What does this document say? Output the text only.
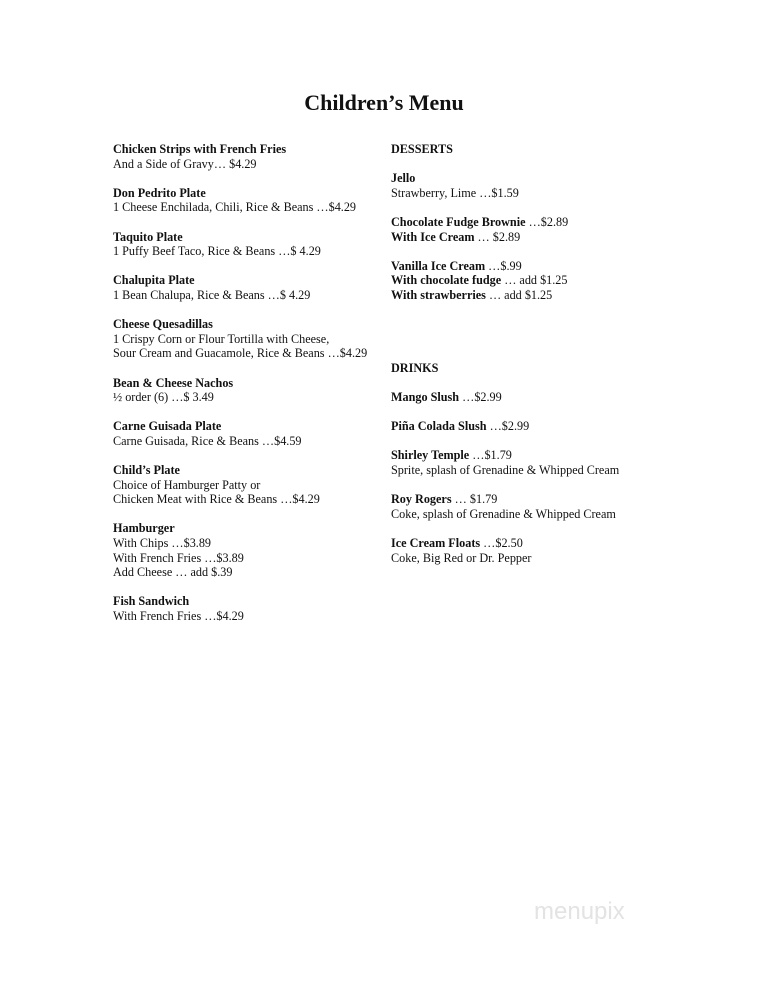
Children’s Menu
Chicken Strips with French Fries
And a Side of Gravy… $4.29
Don Pedrito Plate
1 Cheese Enchilada, Chili, Rice & Beans …$4.29
Taquito Plate
1 Puffy Beef Taco, Rice & Beans …$ 4.29
Chalupita Plate
1 Bean Chalupa, Rice & Beans …$ 4.29
Cheese Quesadillas
1 Crispy Corn or Flour Tortilla with Cheese,
Sour Cream and Guacamole, Rice & Beans …$4.29
Bean & Cheese Nachos
½ order (6) …$ 3.49
Carne Guisada Plate
Carne Guisada, Rice & Beans …$4.59
Child’s Plate
Choice of Hamburger Patty or
Chicken Meat with Rice & Beans …$4.29
Hamburger
With Chips …$3.89
With French Fries …$3.89
Add Cheese … add $.39
Fish Sandwich
With French Fries …$4.29
DESSERTS
Jello
Strawberry, Lime …$1.59
Chocolate Fudge Brownie …$2.89
With Ice Cream … $2.89
Vanilla Ice Cream …$.99
With chocolate fudge … add $1.25
With strawberries … add $1.25
DRINKS
Mango Slush …$2.99
Piña Colada Slush …$2.99
Shirley Temple …$1.79
Sprite, splash of Grenadine & Whipped Cream
Roy Rogers … $1.79
Coke, splash of Grenadine & Whipped Cream
Ice Cream Floats …$2.50
Coke, Big Red or Dr. Pepper
menupix
